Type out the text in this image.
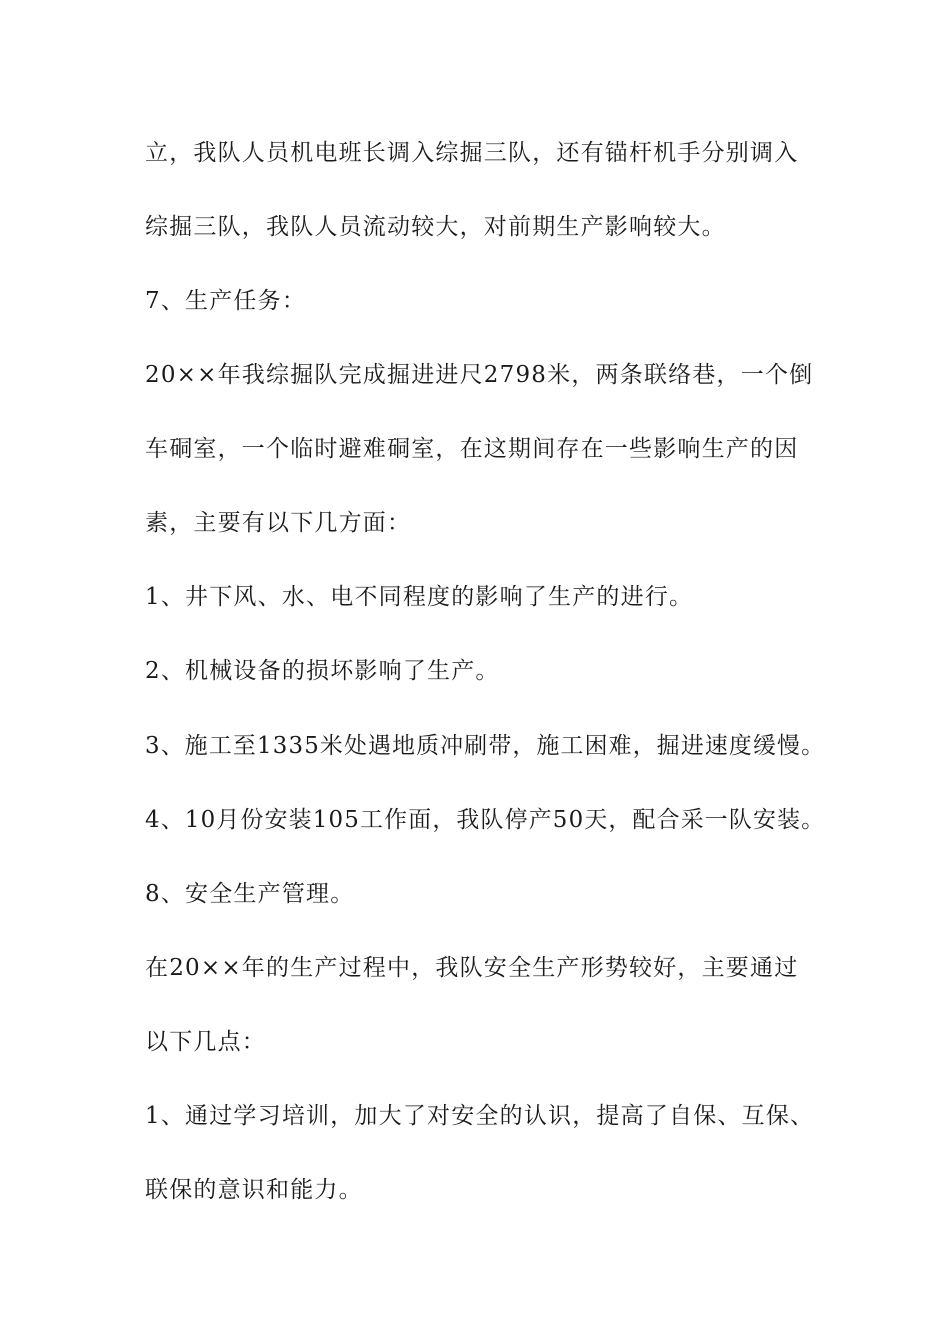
立，我队人员机电班长调入综掘三队，还有锚杆机手分别调入
综掘三队，我队人员流动较大，对前期生产影响较大。
7、生产任务：
20××年我综掘队完成掘进进尺2798米，两条联络巷，一个倒
车硐室，一个临时避难硐室，在这期间存在一些影响生产的因
素，主要有以下几方面：
1、井下风、水、电不同程度的影响了生产的进行。
2、机械设备的损坏影响了生产。
3、施工至1335米处遇地质冲刷带，施工困难，掘进速度缓慢。
4、10月份安装105工作面，我队停产50天，配合采一队安装。
8、安全生产管理。
在20××年的生产过程中，我队安全生产形势较好，主要通过
以下几点：
1、通过学习培训，加大了对安全的认识，提高了自保、互保、
联保的意识和能力。
